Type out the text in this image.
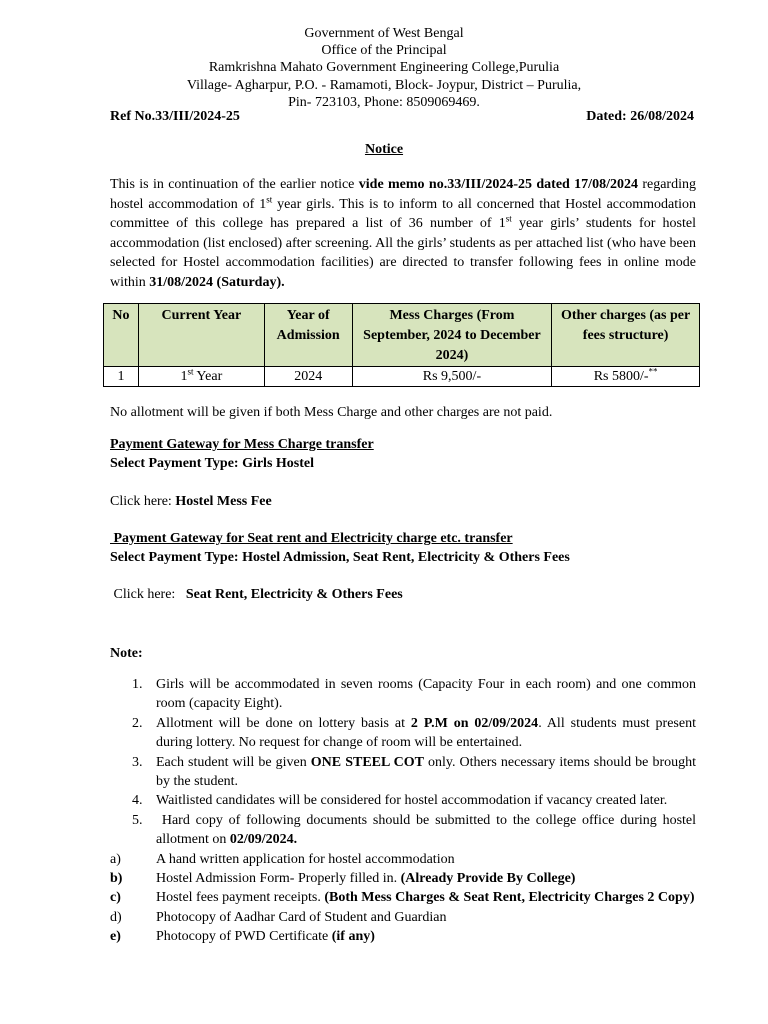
Government of West Bengal
Office of the Principal
Ramkrishna Mahato Government Engineering College,Purulia
Village- Agharpur, P.O. - Ramamoti, Block- Joypur, District – Purulia,
Pin- 723103, Phone: 8509069469.
Ref No.33/III/2024-25	Dated: 26/08/2024
Notice
This is in continuation of the earlier notice vide memo no.33/III/2024-25 dated 17/08/2024 regarding hostel accommodation of 1st year girls. This is to inform to all concerned that Hostel accommodation committee of this college has prepared a list of 36 number of 1st year girls’ students for hostel accommodation (list enclosed) after screening. All the girls’ students as per attached list (who have been selected for Hostel accommodation facilities) are directed to transfer following fees in online mode within 31/08/2024 (Saturday).
No	Current Year	Year of Admission	Mess Charges (From September, 2024 to December 2024)	Other charges (as per fees structure)
1	1st Year	2024	Rs 9,500/-	Rs 5800/-**
No allotment will be given if both Mess Charge and other charges are not paid.
Payment Gateway for Mess Charge transfer
Select Payment Type: Girls Hostel
Click here: Hostel Mess Fee
Payment Gateway for Seat rent and Electricity charge etc. transfer
Select Payment Type: Hostel Admission, Seat Rent, Electricity & Others Fees
Click here:   Seat Rent, Electricity & Others Fees
Note:
1. Girls will be accommodated in seven rooms (Capacity Four in each room) and one common room (capacity Eight).
2. Allotment will be done on lottery basis at 2 P.M on 02/09/2024. All students must present during lottery. No request for change of room will be entertained.
3. Each student will be given ONE STEEL COT only. Others necessary items should be brought by the student.
4. Waitlisted candidates will be considered for hostel accommodation if vacancy created later.
5. Hard copy of following documents should be submitted to the college office during hostel allotment on 02/09/2024.
a)	A hand written application for hostel accommodation
b) Hostel Admission Form- Properly filled in. (Already Provide By College)
c)	Hostel fees payment receipts. (Both Mess Charges & Seat Rent, Electricity Charges 2 Copy)
d) Photocopy of Aadhar Card of Student and Guardian
e)	Photocopy of PWD Certificate (if any)
